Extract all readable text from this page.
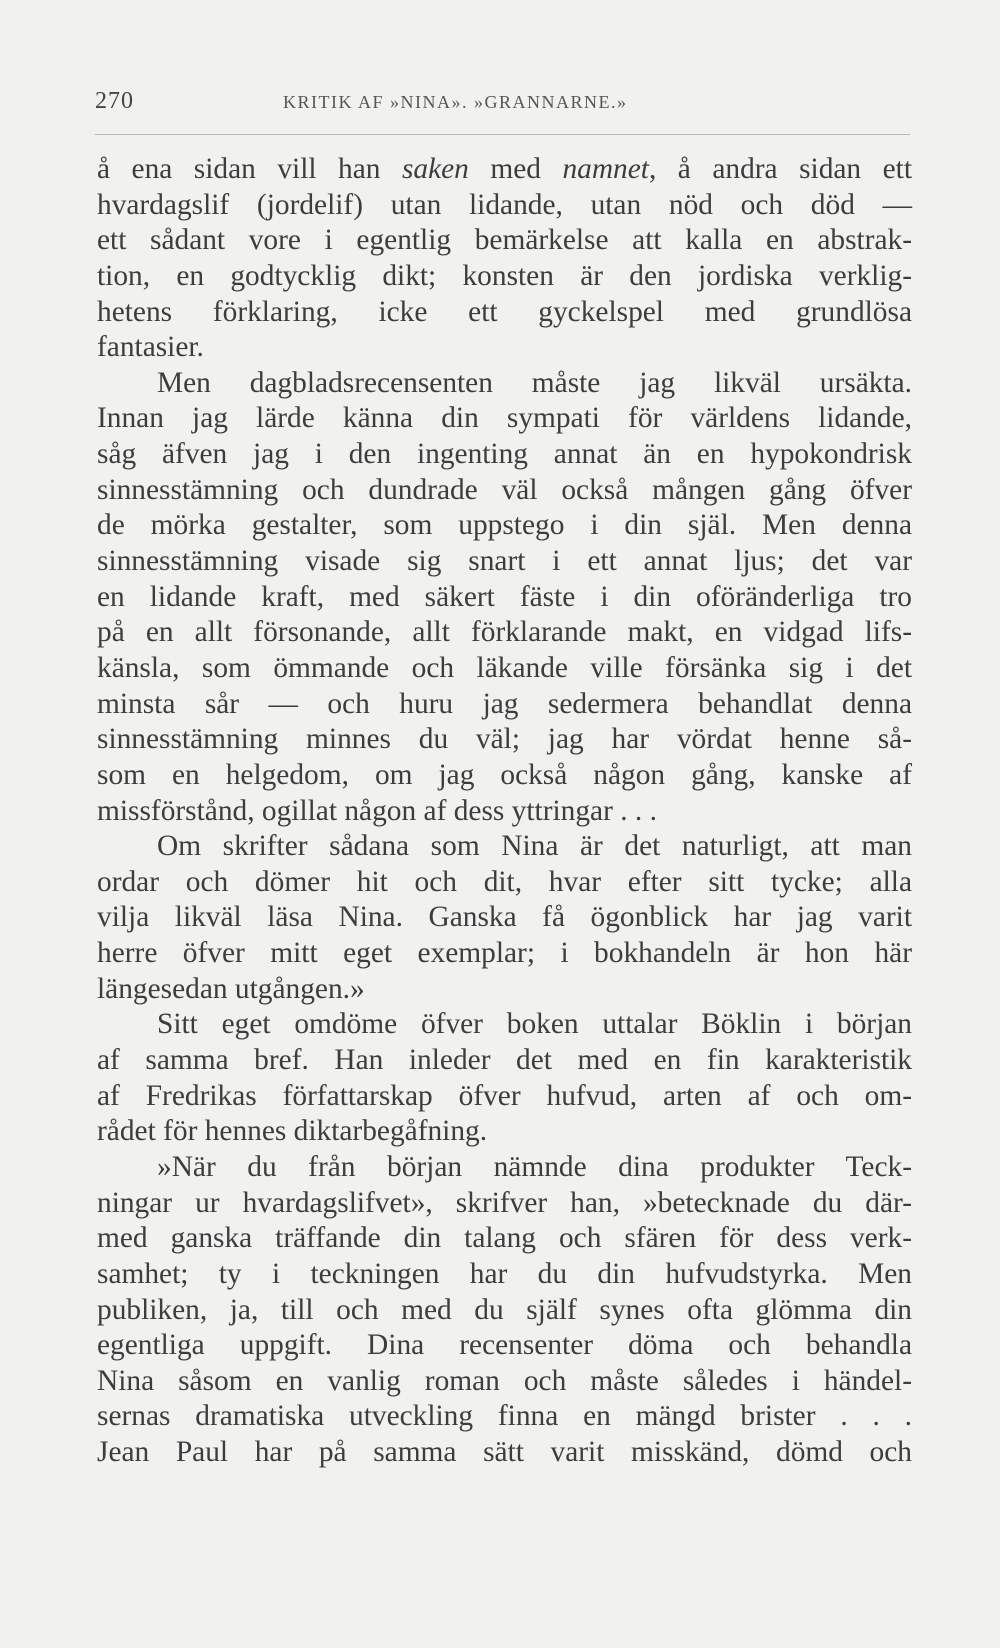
270	KRITIK AF »NINA». »GRANNARNE.»
å ena sidan vill han saken med namnet, å andra sidan ett
hvardagslif (jordelif) utan lidande, utan nöd och död —
ett sådant vore i egentlig bemärkelse att kalla en abstrak-
tion, en godtycklig dikt; konsten är den jordiska verklig-
hetens förklaring, icke ett gyckelspel med grundlösa
fantasier.
Men dagbladsrecensenten måste jag likväl ursäkta.
Innan jag lärde känna din sympati för världens lidande,
såg äfven jag i den ingenting annat än en hypokondrisk
sinnesstämning och dundrade väl också mången gång öfver
de mörka gestalter, som uppstego i din själ. Men denna
sinnesstämning visade sig snart i ett annat ljus; det var
en lidande kraft, med säkert fäste i din oföränderliga tro
på en allt försonande, allt förklarande makt, en vidgad lifs-
känsla, som ömmande och läkande ville försänka sig i det
minsta sår — och huru jag sedermera behandlat denna
sinnesstämning minnes du väl; jag har vördat henne så-
som en helgedom, om jag också någon gång, kanske af
missförstånd, ogillat någon af dess yttringar . . .
Om skrifter sådana som Nina är det naturligt, att man
ordar och dömer hit och dit, hvar efter sitt tycke; alla
vilja likväl läsa Nina. Ganska få ögonblick har jag varit
herre öfver mitt eget exemplar; i bokhandeln är hon här
längesedan utgången.»
Sitt eget omdöme öfver boken uttalar Böklin i början
af samma bref. Han inleder det med en fin karakteristik
af Fredrikas författarskap öfver hufvud, arten af och om-
rådet för hennes diktarbegåfning.
»När du från början nämnde dina produkter Teck-
ningar ur hvardagslifvet», skrifver han, »betecknade du där-
med ganska träffande din talang och sfären för dess verk-
samhet; ty i teckningen har du din hufvudstyrka. Men
publiken, ja, till och med du själf synes ofta glömma din
egentliga uppgift. Dina recensenter döma och behandla
Nina såsom en vanlig roman och måste således i händel-
sernas dramatiska utveckling finna en mängd brister . . .
Jean Paul har på samma sätt varit misskänd, dömd och
